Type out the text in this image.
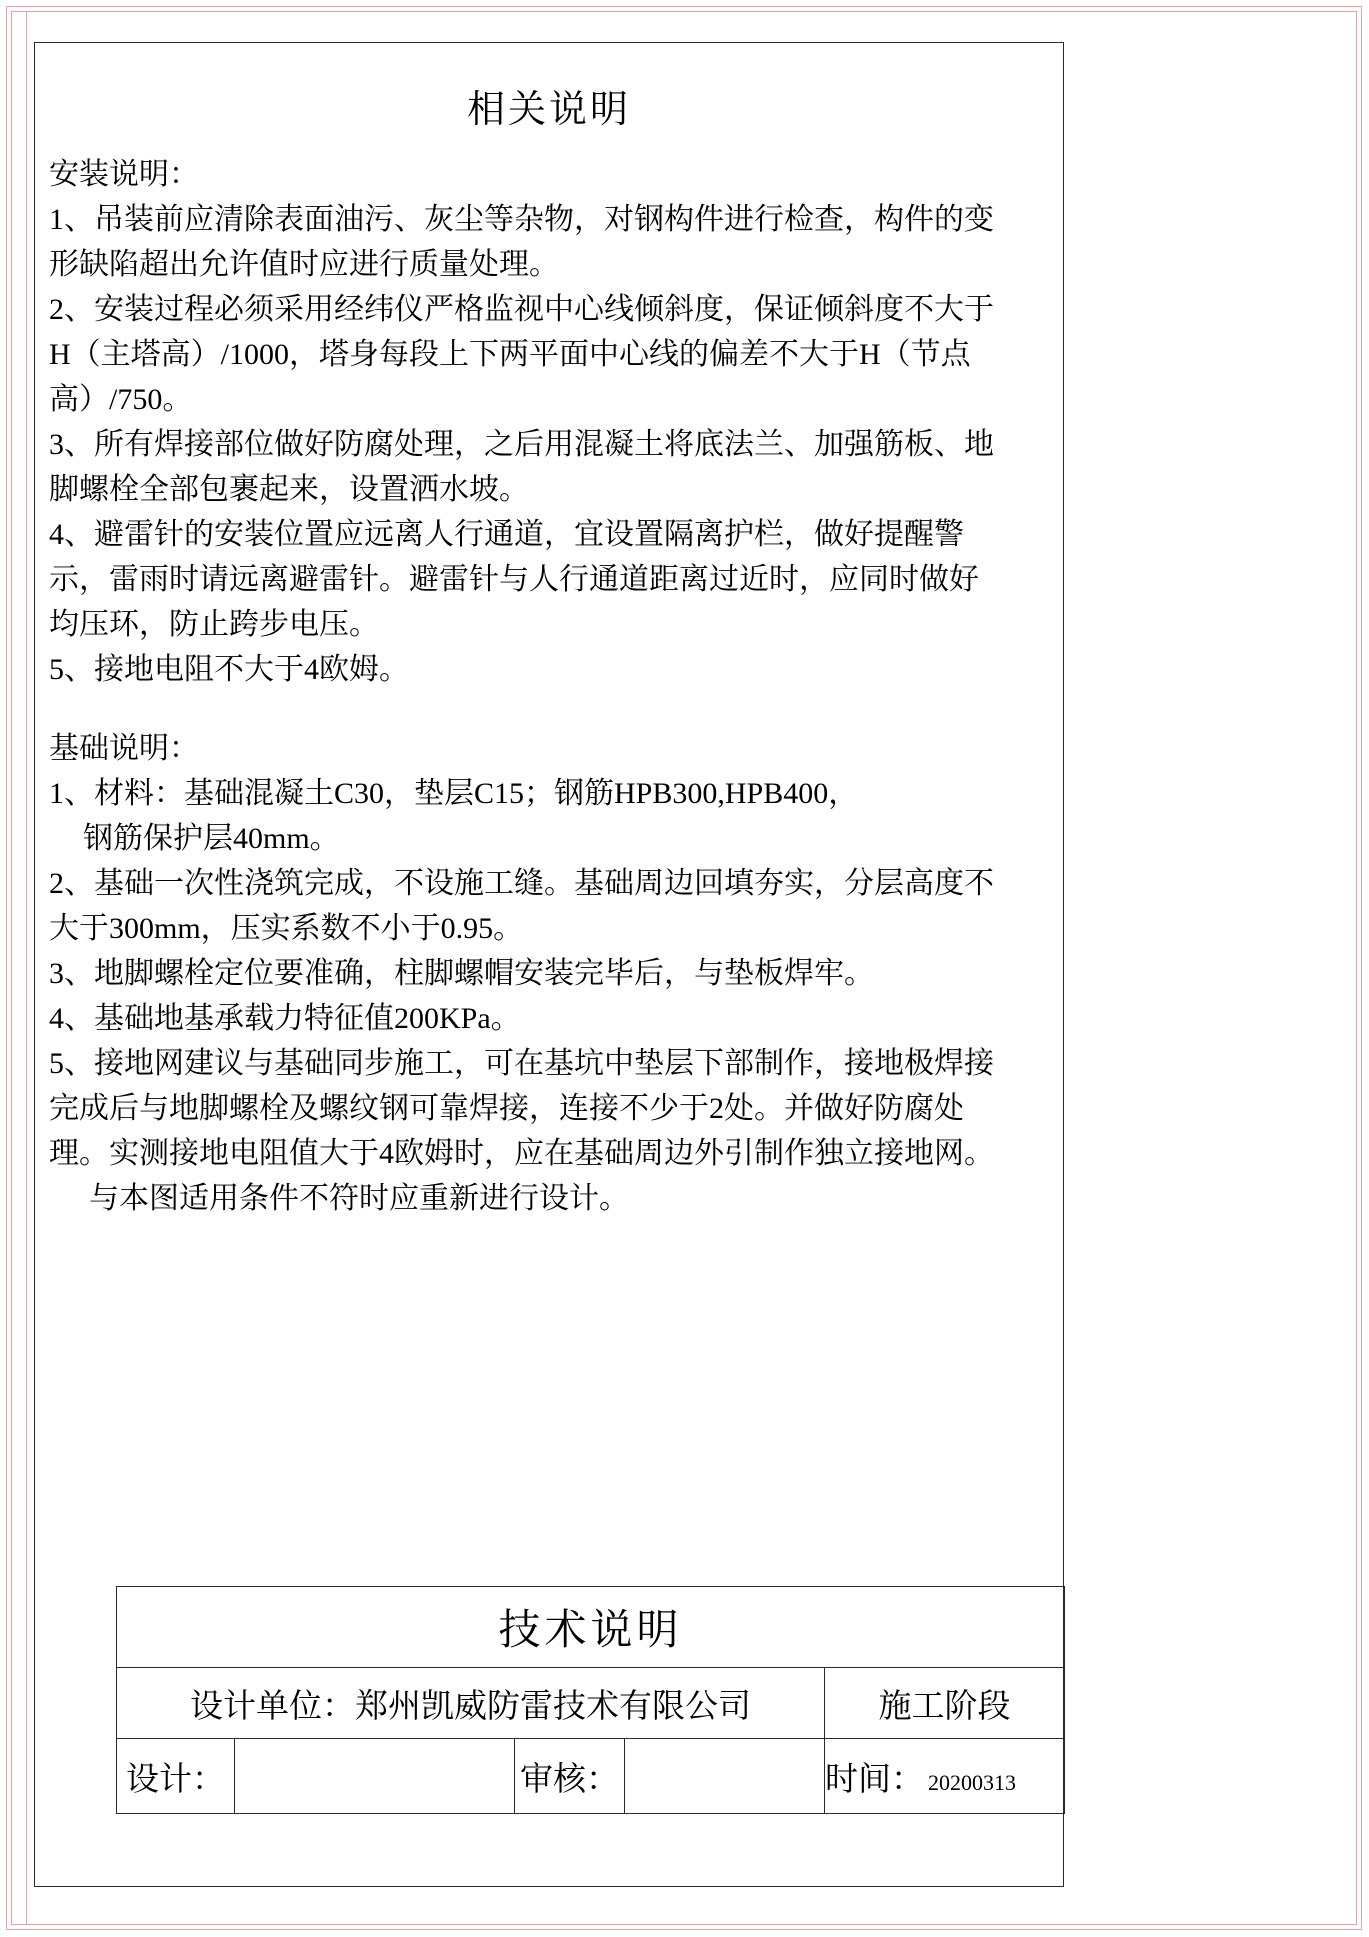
相关说明
安装说明：
1、吊装前应清除表面油污、灰尘等杂物，对钢构件进行检查，构件的变
形缺陷超出允许值时应进行质量处理。
2、安装过程必须采用经纬仪严格监视中心线倾斜度，保证倾斜度不大于
H（主塔高）/1000，塔身每段上下两平面中心线的偏差不大于H（节点
高）/750。
3、所有焊接部位做好防腐处理，之后用混凝土将底法兰、加强筋板、地
脚螺栓全部包裹起来，设置洒水坡。
4、避雷针的安装位置应远离人行通道，宜设置隔离护栏，做好提醒警
示，雷雨时请远离避雷针。避雷针与人行通道距离过近时，应同时做好
均压环，防止跨步电压。
5、接地电阻不大于4欧姆。
基础说明：
1、材料：基础混凝土C30，垫层C15；钢筋HPB300,HPB400，
钢筋保护层40mm。
2、基础一次性浇筑完成，不设施工缝。基础周边回填夯实，分层高度不
大于300mm，压实系数不小于0.95。
3、地脚螺栓定位要准确，柱脚螺帽安装完毕后，与垫板焊牢。
4、基础地基承载力特征值200KPa。
5、接地网建议与基础同步施工，可在基坑中垫层下部制作，接地极焊接
完成后与地脚螺栓及螺纹钢可靠焊接，连接不少于2处。并做好防腐处
理。实测接地电阻值大于4欧姆时，应在基础周边外引制作独立接地网。
与本图适用条件不符时应重新进行设计。
技术说明				
设计单位：郑州凯威防雷技术有限公司				施工阶段
设计：		审核：		时间： 20200313
